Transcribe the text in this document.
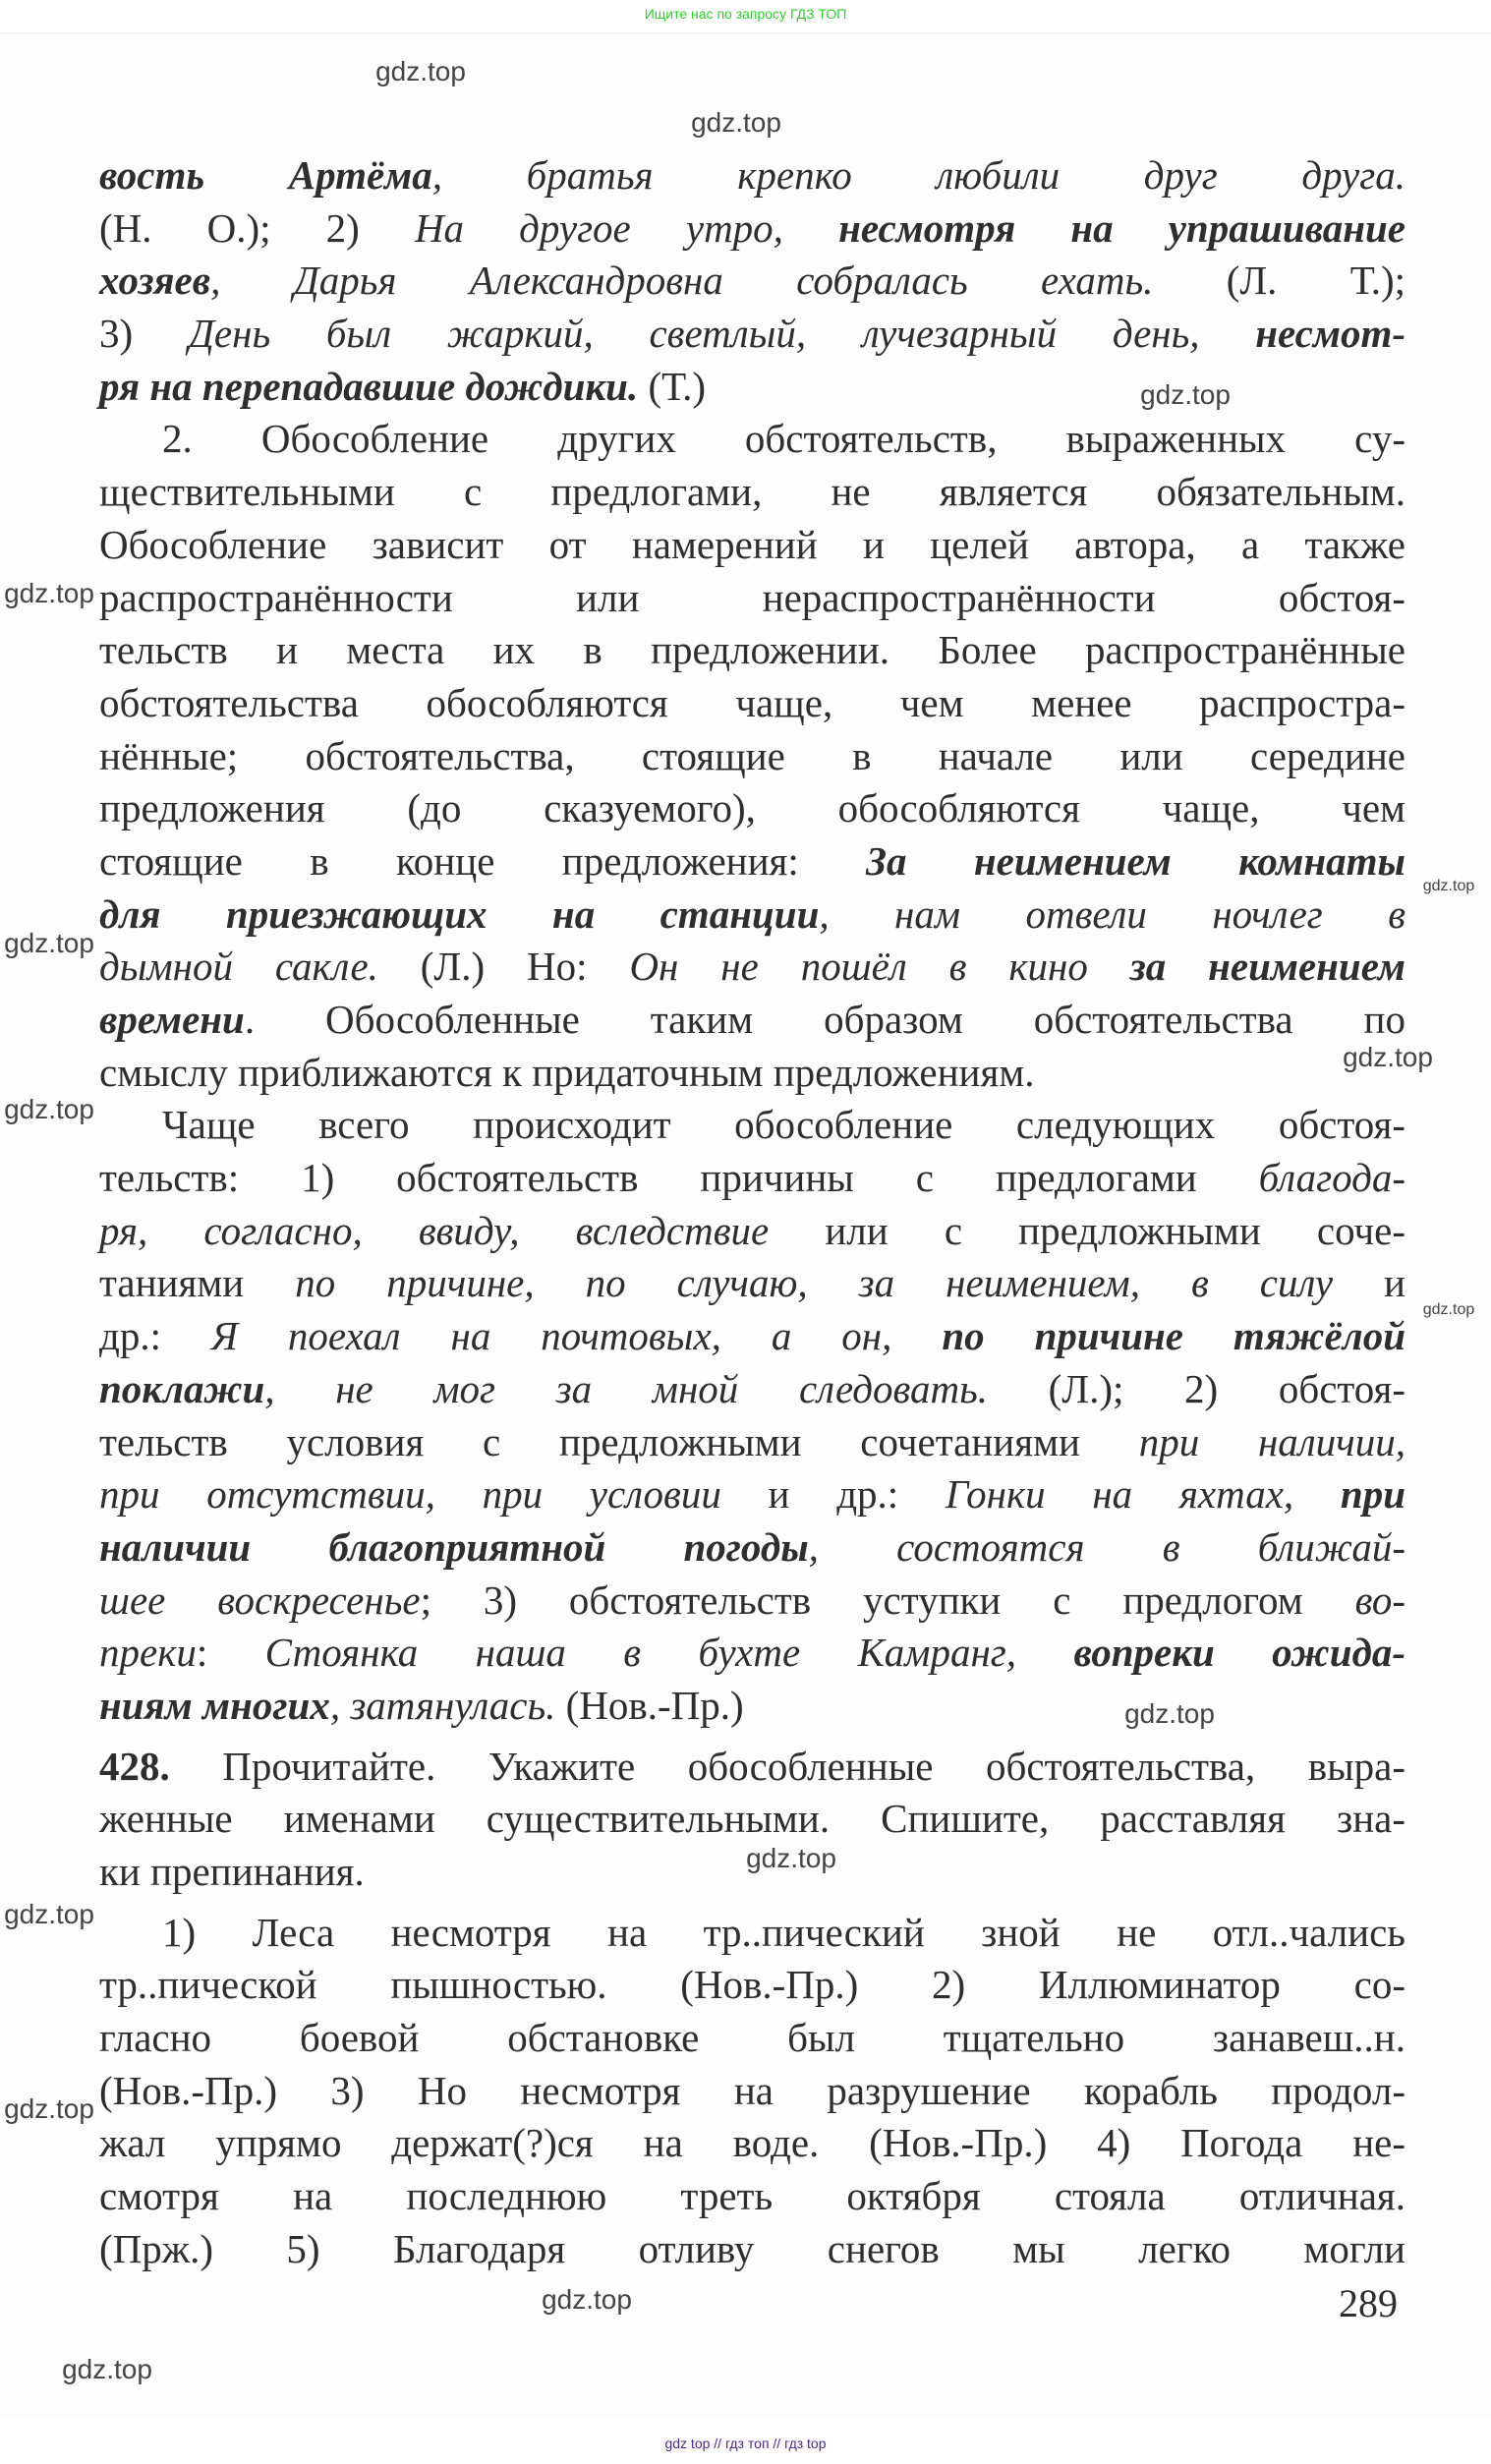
Ищите нас по запросу ГДЗ ТОП
вость Артёма, братья крепко любили друг друга.
(Н. О.); 2) На другое утро, несмотря на упрашивание
хозяев, Дарья Александровна собралась ехать. (Л. Т.);
3) День был жаркий, светлый, лучезарный день, несмот-
ря на перепадавшие дождики. (Т.)
2. Обособление других обстоятельств, выраженных су-
ществительными с предлогами, не является обязательным.
Обособление зависит от намерений и целей автора, а также
распространённости или нераспространённости обстоя-
тельств и места их в предложении. Более распространённые
обстоятельства обособляются чаще, чем менее распростра-
нённые; обстоятельства, стоящие в начале или середине
предложения (до сказуемого), обособляются чаще, чем
стоящие в конце предложения: За неимением комнаты
для приезжающих на станции, нам отвели ночлег в
дымной сакле. (Л.) Но: Он не пошёл в кино за неимением
времени. Обособленные таким образом обстоятельства по
смыслу приближаются к придаточным предложениям.
Чаще всего происходит обособление следующих обстоя-
тельств: 1) обстоятельств причины с предлогами благода-
ря, согласно, ввиду, вследствие или с предложными соче-
таниями по причине, по случаю, за неимением, в силу и
др.: Я поехал на почтовых, а он, по причине тяжёлой
поклажи, не мог за мной следовать. (Л.); 2) обстоя-
тельств условия с предложными сочетаниями при наличии,
при отсутствии, при условии и др.: Гонки на яхтах, при
наличии благоприятной погоды, состоятся в ближай-
шее воскресенье; 3) обстоятельств уступки с предлогом во-
преки: Стоянка наша в бухте Камранг, вопреки ожида-
ниям многих, затянулась. (Нов.-Пр.)
428. Прочитайте. Укажите обособленные обстоятельства, выра-
женные именами существительными. Спишите, расставляя зна-
ки препинания.
1) Леса несмотря на тр..пический зной не отл..чались
тр..пической пышностью. (Нов.-Пр.) 2) Иллюминатор со-
гласно боевой обстановке был тщательно занавеш..н.
(Нов.-Пр.) 3) Но несмотря на разрушение корабль продол-
жал упрямо держат(?)ся на воде. (Нов.-Пр.) 4) Погода не-
смотря на последнюю треть октября стояла отличная.
(Прж.) 5) Благодаря отливу снегов мы легко могли
289
gdz.top
gdz.top
gdz.top
gdz.top
gdz.top
gdz.top
gdz.top
gdz.top
gdz.top
gdz.top
gdz.top
gdz.top
gdz.top
gdz.top
gdz.top
gdz top // гдз топ // гдз top
